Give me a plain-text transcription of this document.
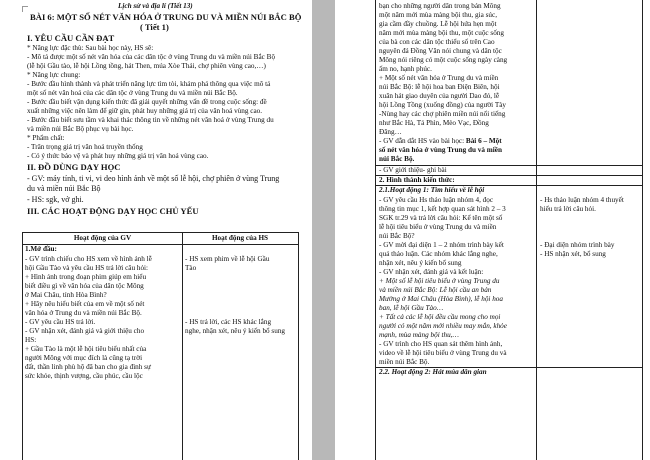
Lịch sử và địa lí (Tiết 13)
BÀI 6: MỘT SỐ NÉT VĂN HÓA Ở TRUNG DU VÀ MIỀN NÚI BẮC BỘ
( Tiết 1)
I. YÊU CẦU CẦN ĐẠT
* Năng lực đặc thù: Sau bài học này, HS sẽ:
- Mô tả được một số nét văn hóa của các dân tộc ở vùng Trung du và miền núi Bắc Bộ
(lễ hội Gầu tào, lễ hội Lồng tồng, hát Then, múa Xòe Thái, chợ phiên vùng cao,…)
* Năng lực chung:
- Bước đầu hình thành và phát triển năng lực tìm tòi, khám phá thông qua việc mô tả
một số nét văn hoá của các dân tộc ở vùng Trung du và miền núi Bắc Bộ.
- Bước đầu biết vận dụng kiến thức đã giải quyết những vấn đề trong cuộc sống: đề
xuất những việc nên làm để giữ gìn, phát huy những giá trị của văn hoá vùng cao.
- Bước đầu biết sưu tầm và khai thác thông tin về những nét văn hoá ở vùng Trung du
và miền núi Bắc Bộ phục vụ bài học.
* Phẩm chất:
- Trân trọng giá trị văn hoá truyền thống
- Có ý thức bảo vệ và phát huy những giá trị văn hoá vùng cao.
II. ĐỒ DÙNG DẠY HỌC
- GV: máy tính, ti vi, vi deo hình ảnh về một số lễ hội, chợ phiên ở vùng Trung
du và miền núi Bắc Bộ
- HS: sgk, vở ghi.
III. CÁC HOẠT ĐỘNG DẠY HỌC CHỦ YẾU
Hoạt động của GV	Hoạt động của HS
1.Mở đầu:
- GV trình chiếu cho HS xem về hình ảnh lễ
hội Gầu Tào và yêu cầu HS trả lời câu hỏi:
+ Hình ảnh trong đoạn phim giúp em hiểu
biết điều gì về văn hóa của dân tộc Mông
ở Mai Châu, tỉnh Hòa Bình?
+ Hãy nêu hiểu biết của em về một số nét
văn hóa ở Trung du và miền núi Bắc Bộ.
- GV yêu cầu HS trả lời.
- GV nhận xét, đánh giá và giới thiệu cho
HS:
+ Gầu Tào là một lễ hội tiêu biểu nhất của
người Mông với mục đích là cũng tạ trời
đất, thần linh phù hộ đã ban cho gia đình sự
sức khỏe, thịnh vượng, cầu phúc, cầu lộc
- HS xem phim về lễ hội Gầu
Tào
- HS trả lời, các HS khác lắng
nghe, nhận xét, nêu ý kiến bổ sung
bạn cho những người dân trong bản Mông
một năm mới mùa màng bội thu, gia súc,
gia cầm đầy chuồng. Lễ hội hứa hẹn một
năm mới mùa màng bội thu, một cuộc sống
của bà con các dân tộc thiểu số trên Cao
nguyên đá Đồng Văn nói chung và dân tộc
Mông nói riêng có một cuộc sống ngày càng
ấm no, hạnh phúc.
+ Một số nét văn hóa ở Trung du và miền
núi Bắc Bộ: lễ hội hoa ban Điện Biên, hội
xuân hát giao duyên của người Dao đỏ, lễ
hội Lồng Tồng (xuống đồng) của người Tày
-Nùng hay các chợ phiên miền núi nổi tiếng
như Bắc Hà, Tả Phìn, Mèo Vạc, Đồng
Đăng…
- GV dẫn dắt HS vào bài học: Bài 6 – Một
số nét văn hóa ở vùng Trung du và miền
núi Bắc Bộ.
- GV giới thiệu- ghi bài
2. Hình thành kiến thức:
2.1.Hoạt động 1: Tìm hiểu về lễ hội
- GV yêu cầu Hs thảo luận nhóm 4, đọc
thông tin mục 1, kết hợp quan sát hình 2 – 3
SGK tr.29 và trả lời câu hỏi: Kể tên một số
lễ hội tiêu biểu ở vùng Trung du và miền
núi Bắc Bộ?
- GV mời đại diện 1 – 2 nhóm trình bày kết
quả thảo luận. Các nhóm khác lắng nghe,
nhận xét, nêu ý kiến bổ sung
- GV nhận xét, đánh giá và kết luận:
+ Một số lễ hội tiêu biểu ở vùng Trung du
và miền núi Bắc Bộ: Lễ hội cầu an bản
Mường ở Mai Châu (Hòa Bình), lễ hội hoa
ban, lễ hội Gầu Tào…
+ Tất cả các lễ hội đều cầu mong cho mọi
người có một năm mới nhiều may mắn, khỏe
mạnh, mùa màng bội thu,…
- GV trình cho HS quan sát thêm hình ảnh,
video về lễ hội tiêu biểu ở vùng Trung du và
miền núi Bắc Bộ.
2.2. Hoạt động 2: Hát múa dân gian
- Hs thảo luận nhóm 4 thuyết
hiểu trả lời câu hỏi.
- Đại diện nhóm trình bày
- HS nhận xét, bổ sung
